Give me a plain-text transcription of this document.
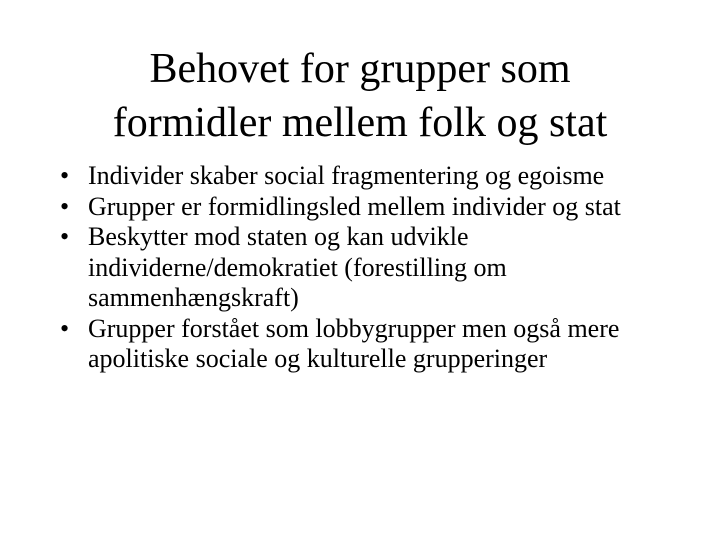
Behovet for grupper som
formidler mellem folk og stat
• Individer skaber social fragmentering og egoisme
• Grupper er formidlingsled mellem individer og stat
• Beskytter mod staten og kan udvikle individerne/demokratiet (forestilling om sammenhængskraft)
• Grupper forstået som lobbygrupper men også mere apolitiske sociale og kulturelle grupperinger
